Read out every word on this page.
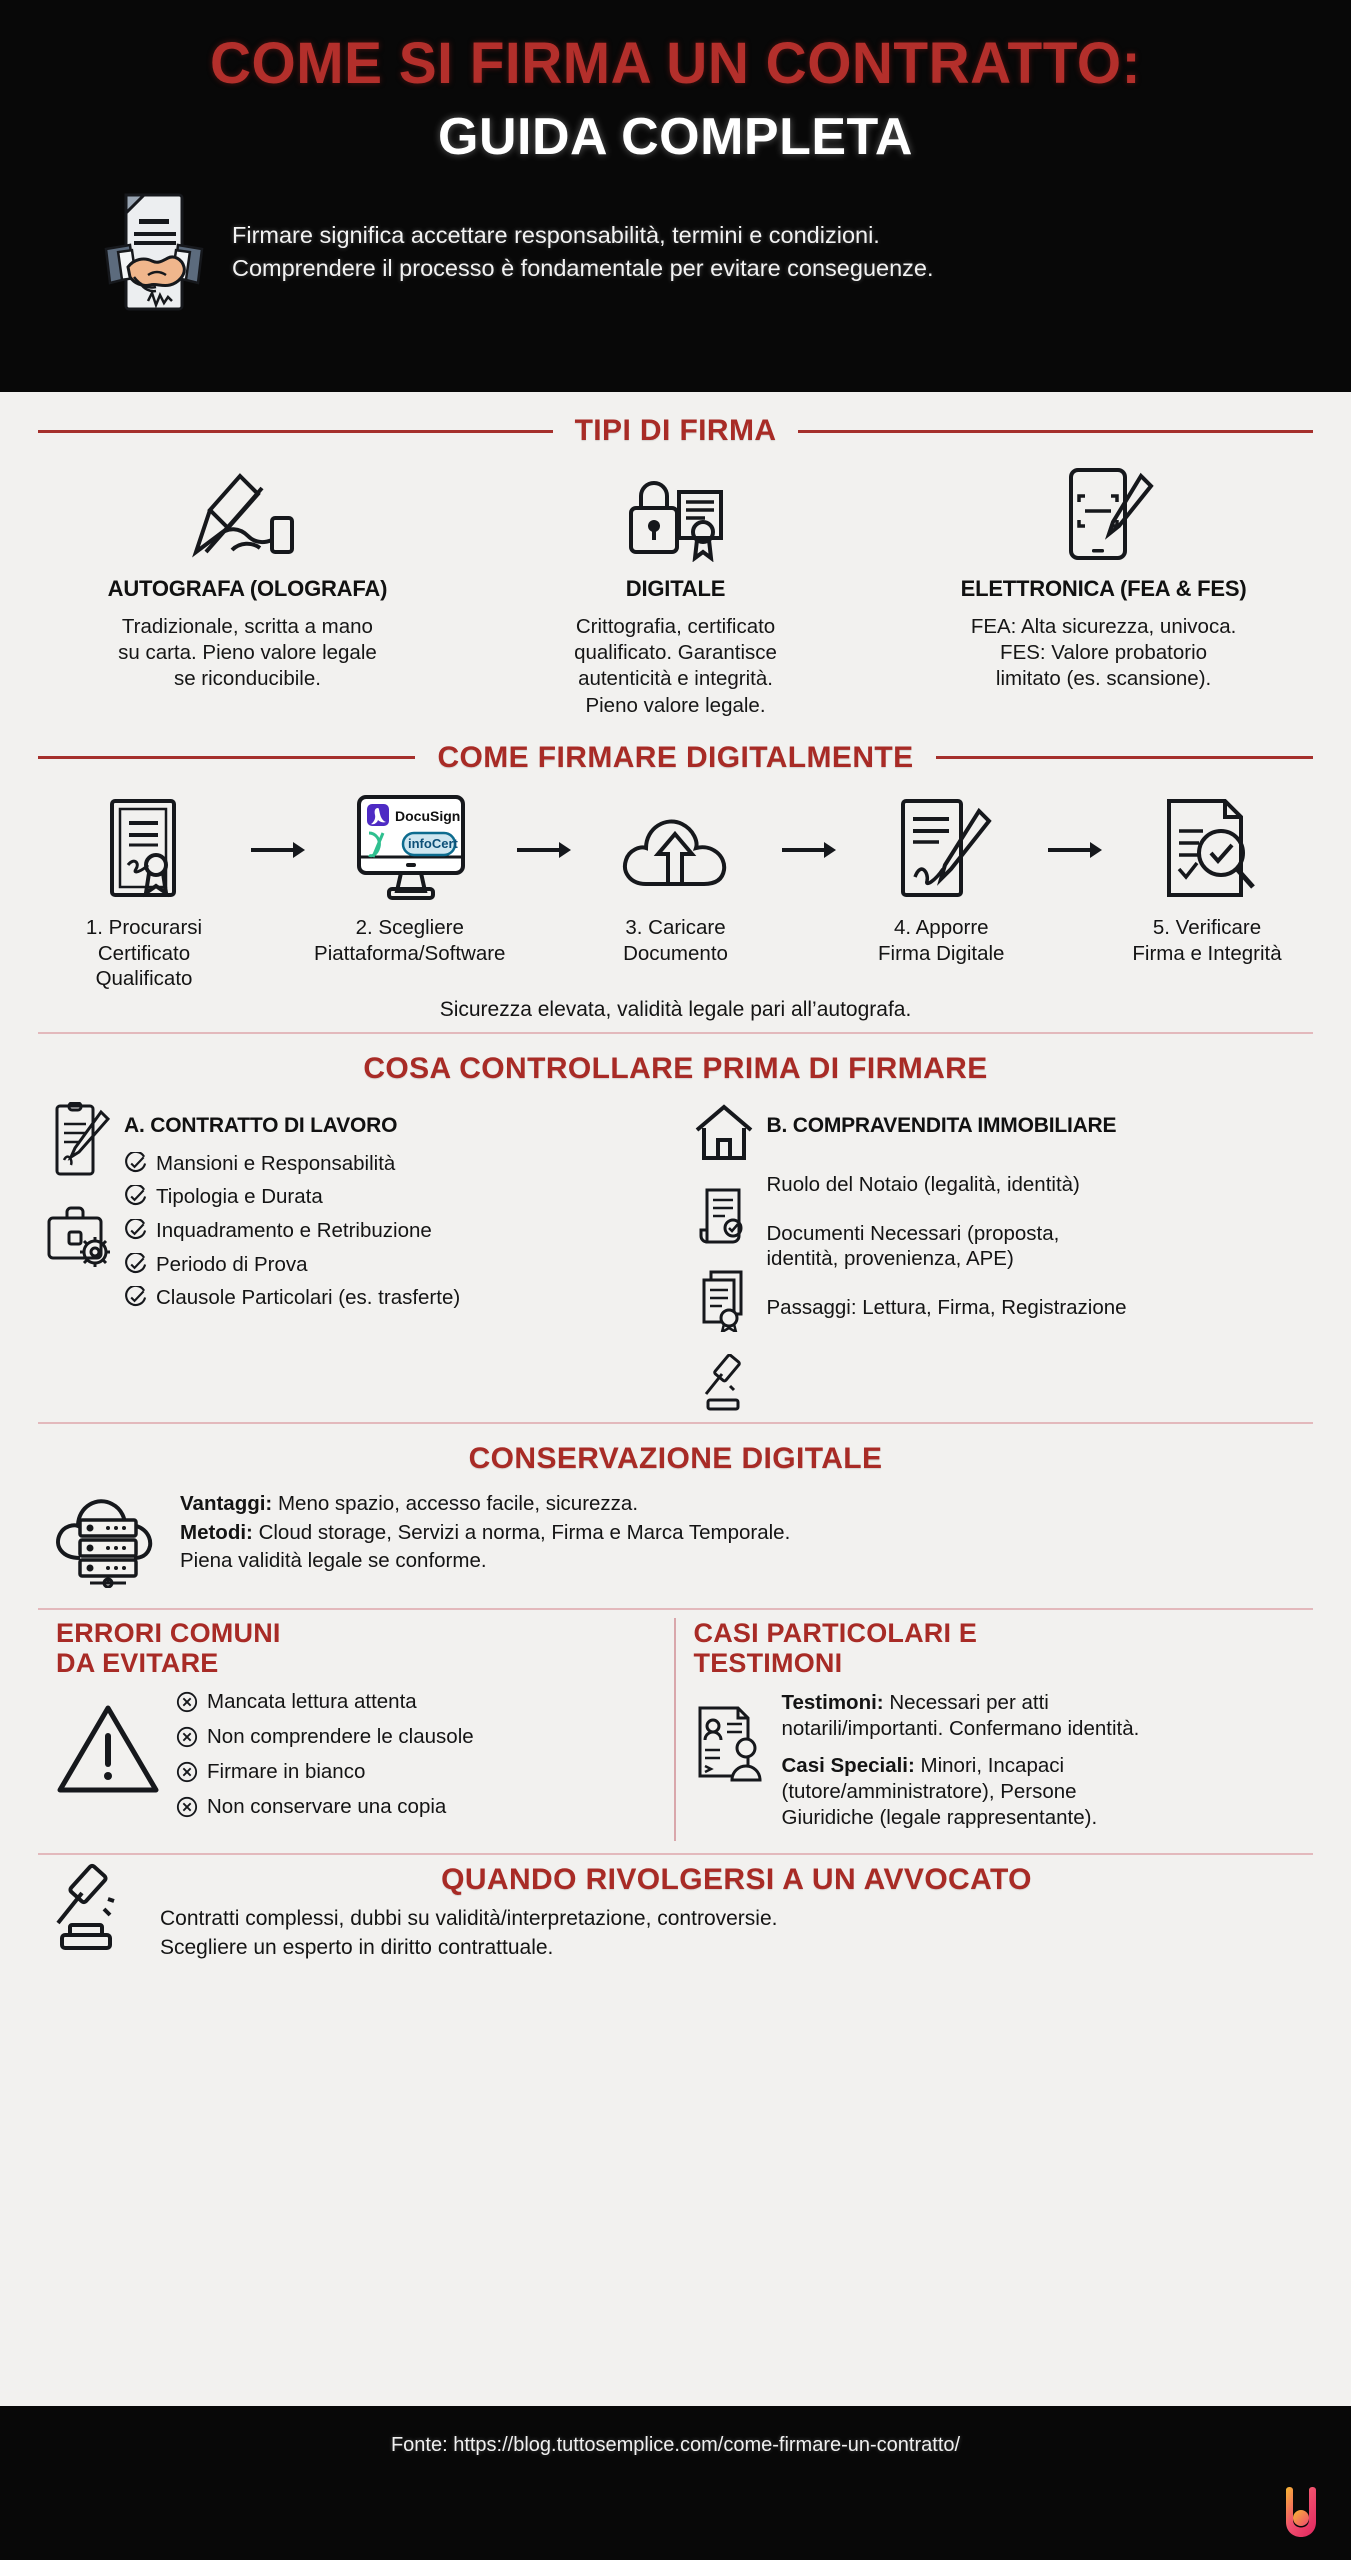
COME SI FIRMA UN CONTRATTO:
GUIDA COMPLETA
Firmare significa accettare responsabilità, termini e condizioni.
Comprendere il processo è fondamentale per evitare conseguenze.
TIPI DI FIRMA
AUTOGRAFA (OLOGRAFA)

Tradizionale, scritta a mano
su carta. Pieno valore legale
se riconducibile.

DIGITALE

Crittografia, certificato
qualificato. Garantisce
autenticità e integrità.
Pieno valore legale.

ELETTRONICA (FEA & FES)

FEA: Alta sicurezza, univoca.
FES: Valore probatorio
limitato (es. scansione).

COME FIRMARE DIGITALMENTE
1. Procurarsi
Certificato
Qualificato
DocuSign
infoCert
2. Scegliere
Piattaforma/Software
3. Caricare
Documento
4. Apporre
Firma Digitale
5. Verificare
Firma e Integrità
Sicurezza elevata, validità legale pari all’autografa.
COSA CONTROLLARE PRIMA DI FIRMARE
A. CONTRATTO DI LAVORO
Mansioni e Responsabilità
Tipologia e Durata
Inquadramento e Retribuzione
Periodo di Prova
Clausole Particolari (es. trasferte)
B. COMPRAVENDITA IMMOBILIARE
Ruolo del Notaio (legalità, identità)
Documenti Necessari (proposta,
identità, provenienza, APE)
Passaggi: Lettura, Firma, Registrazione
CONSERVAZIONE DIGITALE
Vantaggi: Meno spazio, accesso facile, sicurezza.
Metodi: Cloud storage, Servizi a norma, Firma e Marca Temporale.
Piena validità legale se conforme.
ERRORI COMUNI
DA EVITARE
Mancata lettura attenta
Non comprendere le clausole
Firmare in bianco
Non conservare una copia
CASI PARTICOLARI E
TESTIMONI

Testimoni: Necessari per atti
notarili/importanti. Confermano identità.

Casi Speciali: Minori, Incapaci
(tutore/amministratore), Persone
Giuridiche (legale rappresentante).

QUANDO RIVOLGERSI A UN AVVOCATO

Contratti complessi, dubbi su validità/interpretazione, controversie.
Scegliere un esperto in diritto contrattuale.

Fonte: https://blog.tuttosemplice.com/come-firmare-un-contratto/
